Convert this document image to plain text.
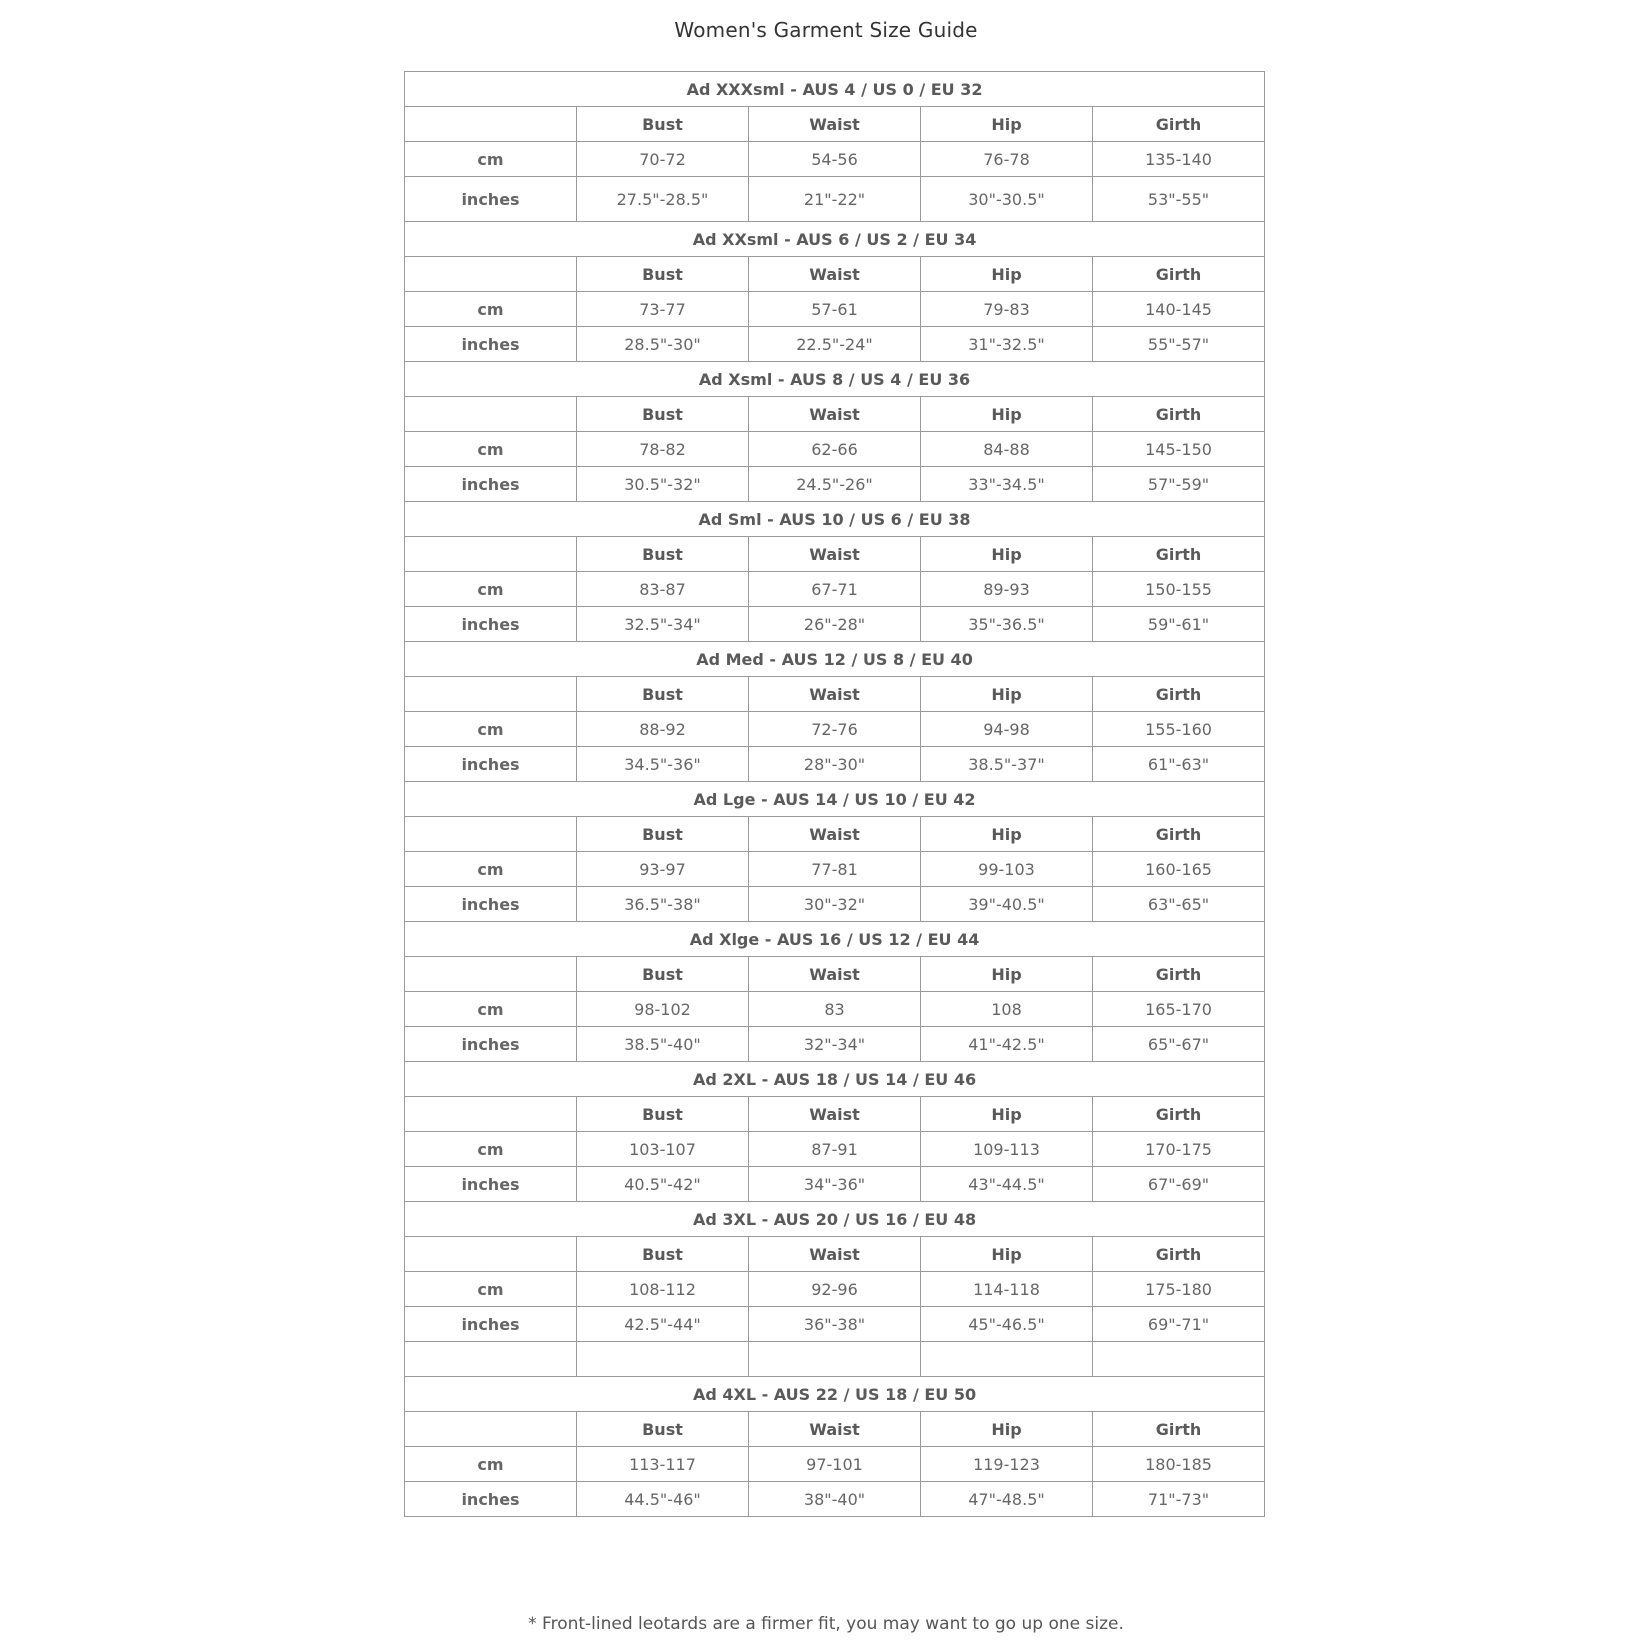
Women's Garment Size Guide
Ad XXXsml - AUS 4 / US 0 / EU 32				
	Bust	Waist	Hip	Girth
cm	70-72	54-56	76-78	135-140
inches	27.5"-28.5"	21"-22"	30"-30.5"	53"-55"
Ad XXsml - AUS 6 / US 2 / EU 34				
	Bust	Waist	Hip	Girth
cm	73-77	57-61	79-83	140-145
inches	28.5"-30"	22.5"-24"	31"-32.5"	55"-57"
Ad Xsml - AUS 8 / US 4 / EU 36				
	Bust	Waist	Hip	Girth
cm	78-82	62-66	84-88	145-150
inches	30.5"-32"	24.5"-26"	33"-34.5"	57"-59"
Ad Sml - AUS 10 / US 6 / EU 38				
	Bust	Waist	Hip	Girth
cm	83-87	67-71	89-93	150-155
inches	32.5"-34"	26"-28"	35"-36.5"	59"-61"
Ad Med - AUS 12 / US 8 / EU 40				
	Bust	Waist	Hip	Girth
cm	88-92	72-76	94-98	155-160
inches	34.5"-36"	28"-30"	38.5"-37"	61"-63"
Ad Lge - AUS 14 / US 10 / EU 42				
	Bust	Waist	Hip	Girth
cm	93-97	77-81	99-103	160-165
inches	36.5"-38"	30"-32"	39"-40.5"	63"-65"
Ad Xlge - AUS 16 / US 12 / EU 44				
	Bust	Waist	Hip	Girth
cm	98-102	83	108	165-170
inches	38.5"-40"	32"-34"	41"-42.5"	65"-67"
Ad 2XL - AUS 18 / US 14 / EU 46				
	Bust	Waist	Hip	Girth
cm	103-107	87-91	109-113	170-175
inches	40.5"-42"	34"-36"	43"-44.5"	67"-69"
Ad 3XL - AUS 20 / US 16 / EU 48				
	Bust	Waist	Hip	Girth
cm	108-112	92-96	114-118	175-180
inches	42.5"-44"	36"-38"	45"-46.5"	69"-71"

Ad 4XL - AUS 22 / US 18 / EU 50				
	Bust	Waist	Hip	Girth
cm	113-117	97-101	119-123	180-185
inches	44.5"-46"	38"-40"	47"-48.5"	71"-73"
* Front-lined leotards are a firmer fit, you may want to go up one size.
